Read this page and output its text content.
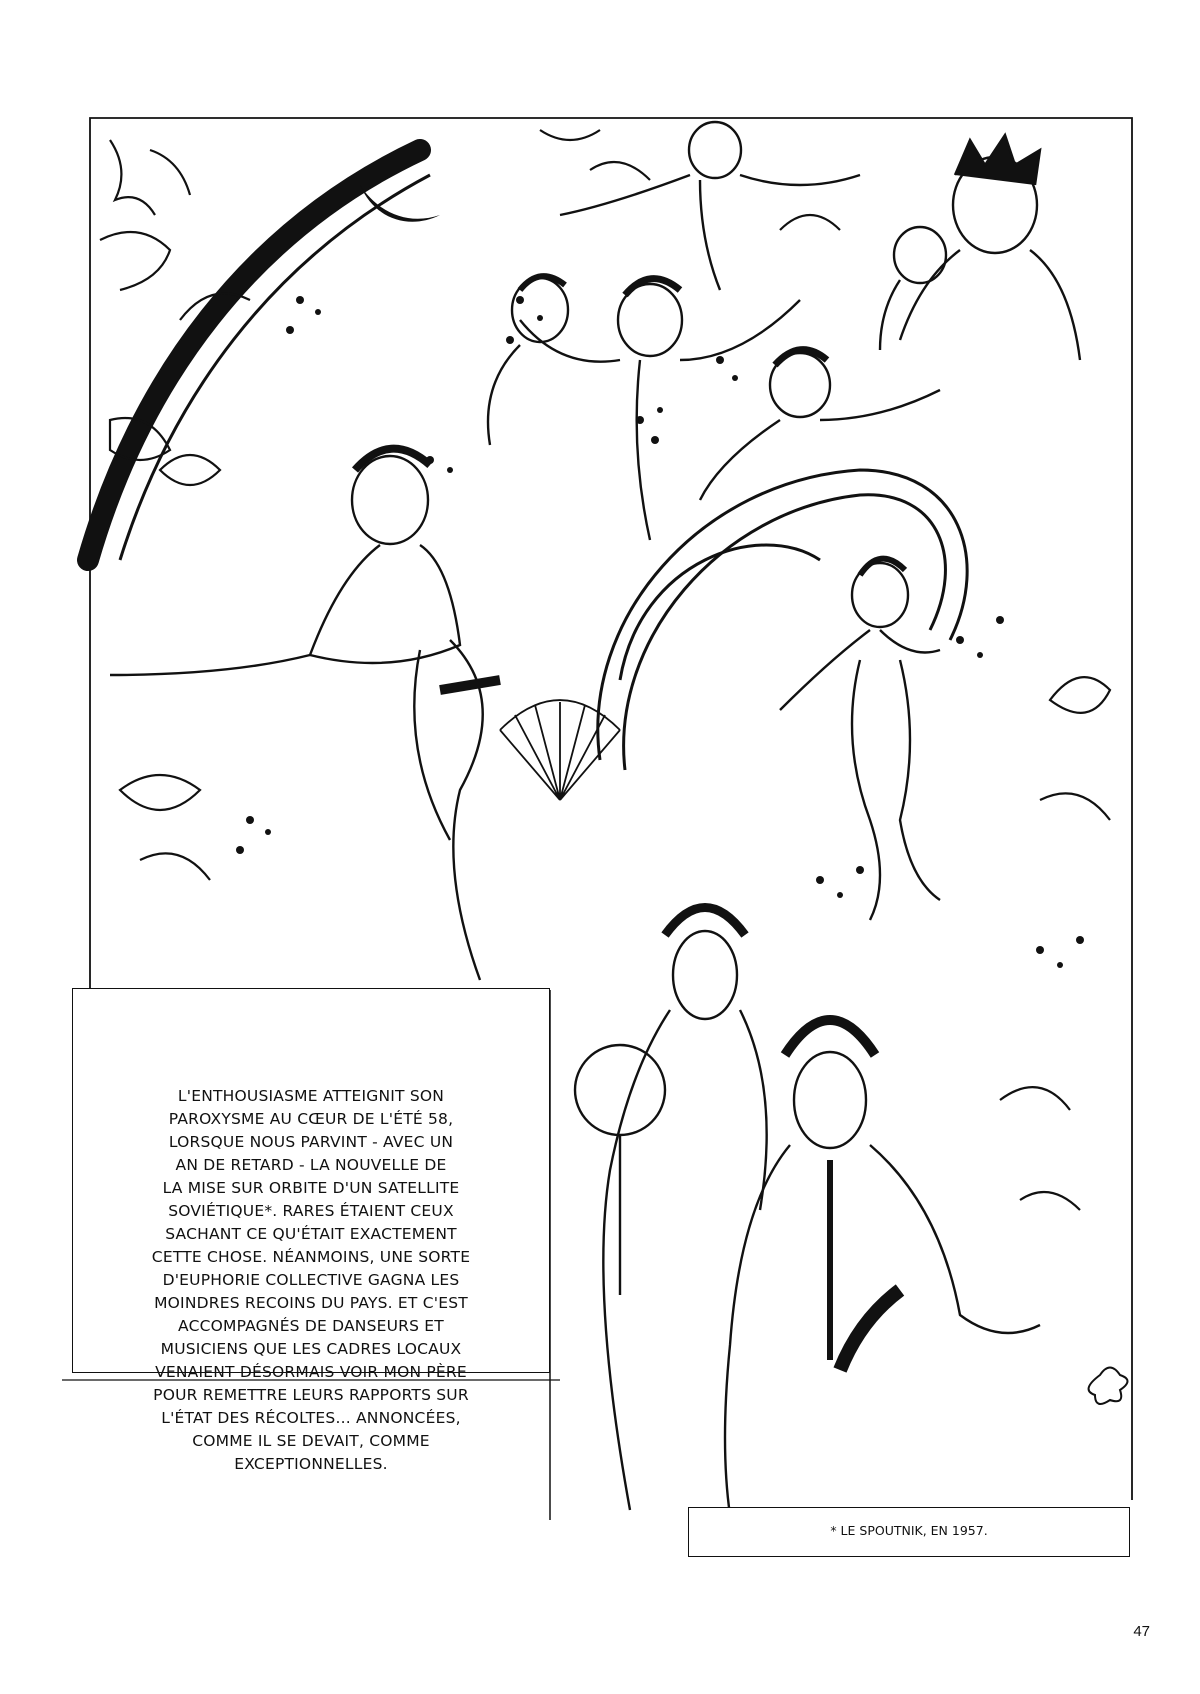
L'ENTHOUSIASME ATTEIGNIT SON
PAROXYSME AU CŒUR DE L'ÉTÉ 58,
LORSQUE NOUS PARVINT - AVEC UN
AN DE RETARD - LA NOUVELLE DE
LA MISE SUR ORBITE D'UN SATELLITE
SOVIÉTIQUE*. RARES ÉTAIENT CEUX
SACHANT CE QU'ÉTAIT EXACTEMENT
CETTE CHOSE. NÉANMOINS, UNE SORTE
D'EUPHORIE COLLECTIVE GAGNA LES
MOINDRES RECOINS DU PAYS. ET C'EST
ACCOMPAGNÉS DE DANSEURS ET
MUSICIENS QUE LES CADRES LOCAUX
VENAIENT DÉSORMAIS VOIR MON PÈRE
POUR REMETTRE LEURS RAPPORTS SUR
L'ÉTAT DES RÉCOLTES... ANNONCÉES,
COMME IL SE DEVAIT, COMME
EXCEPTIONNELLES.
* LE SPOUTNIK, EN 1957.
47
